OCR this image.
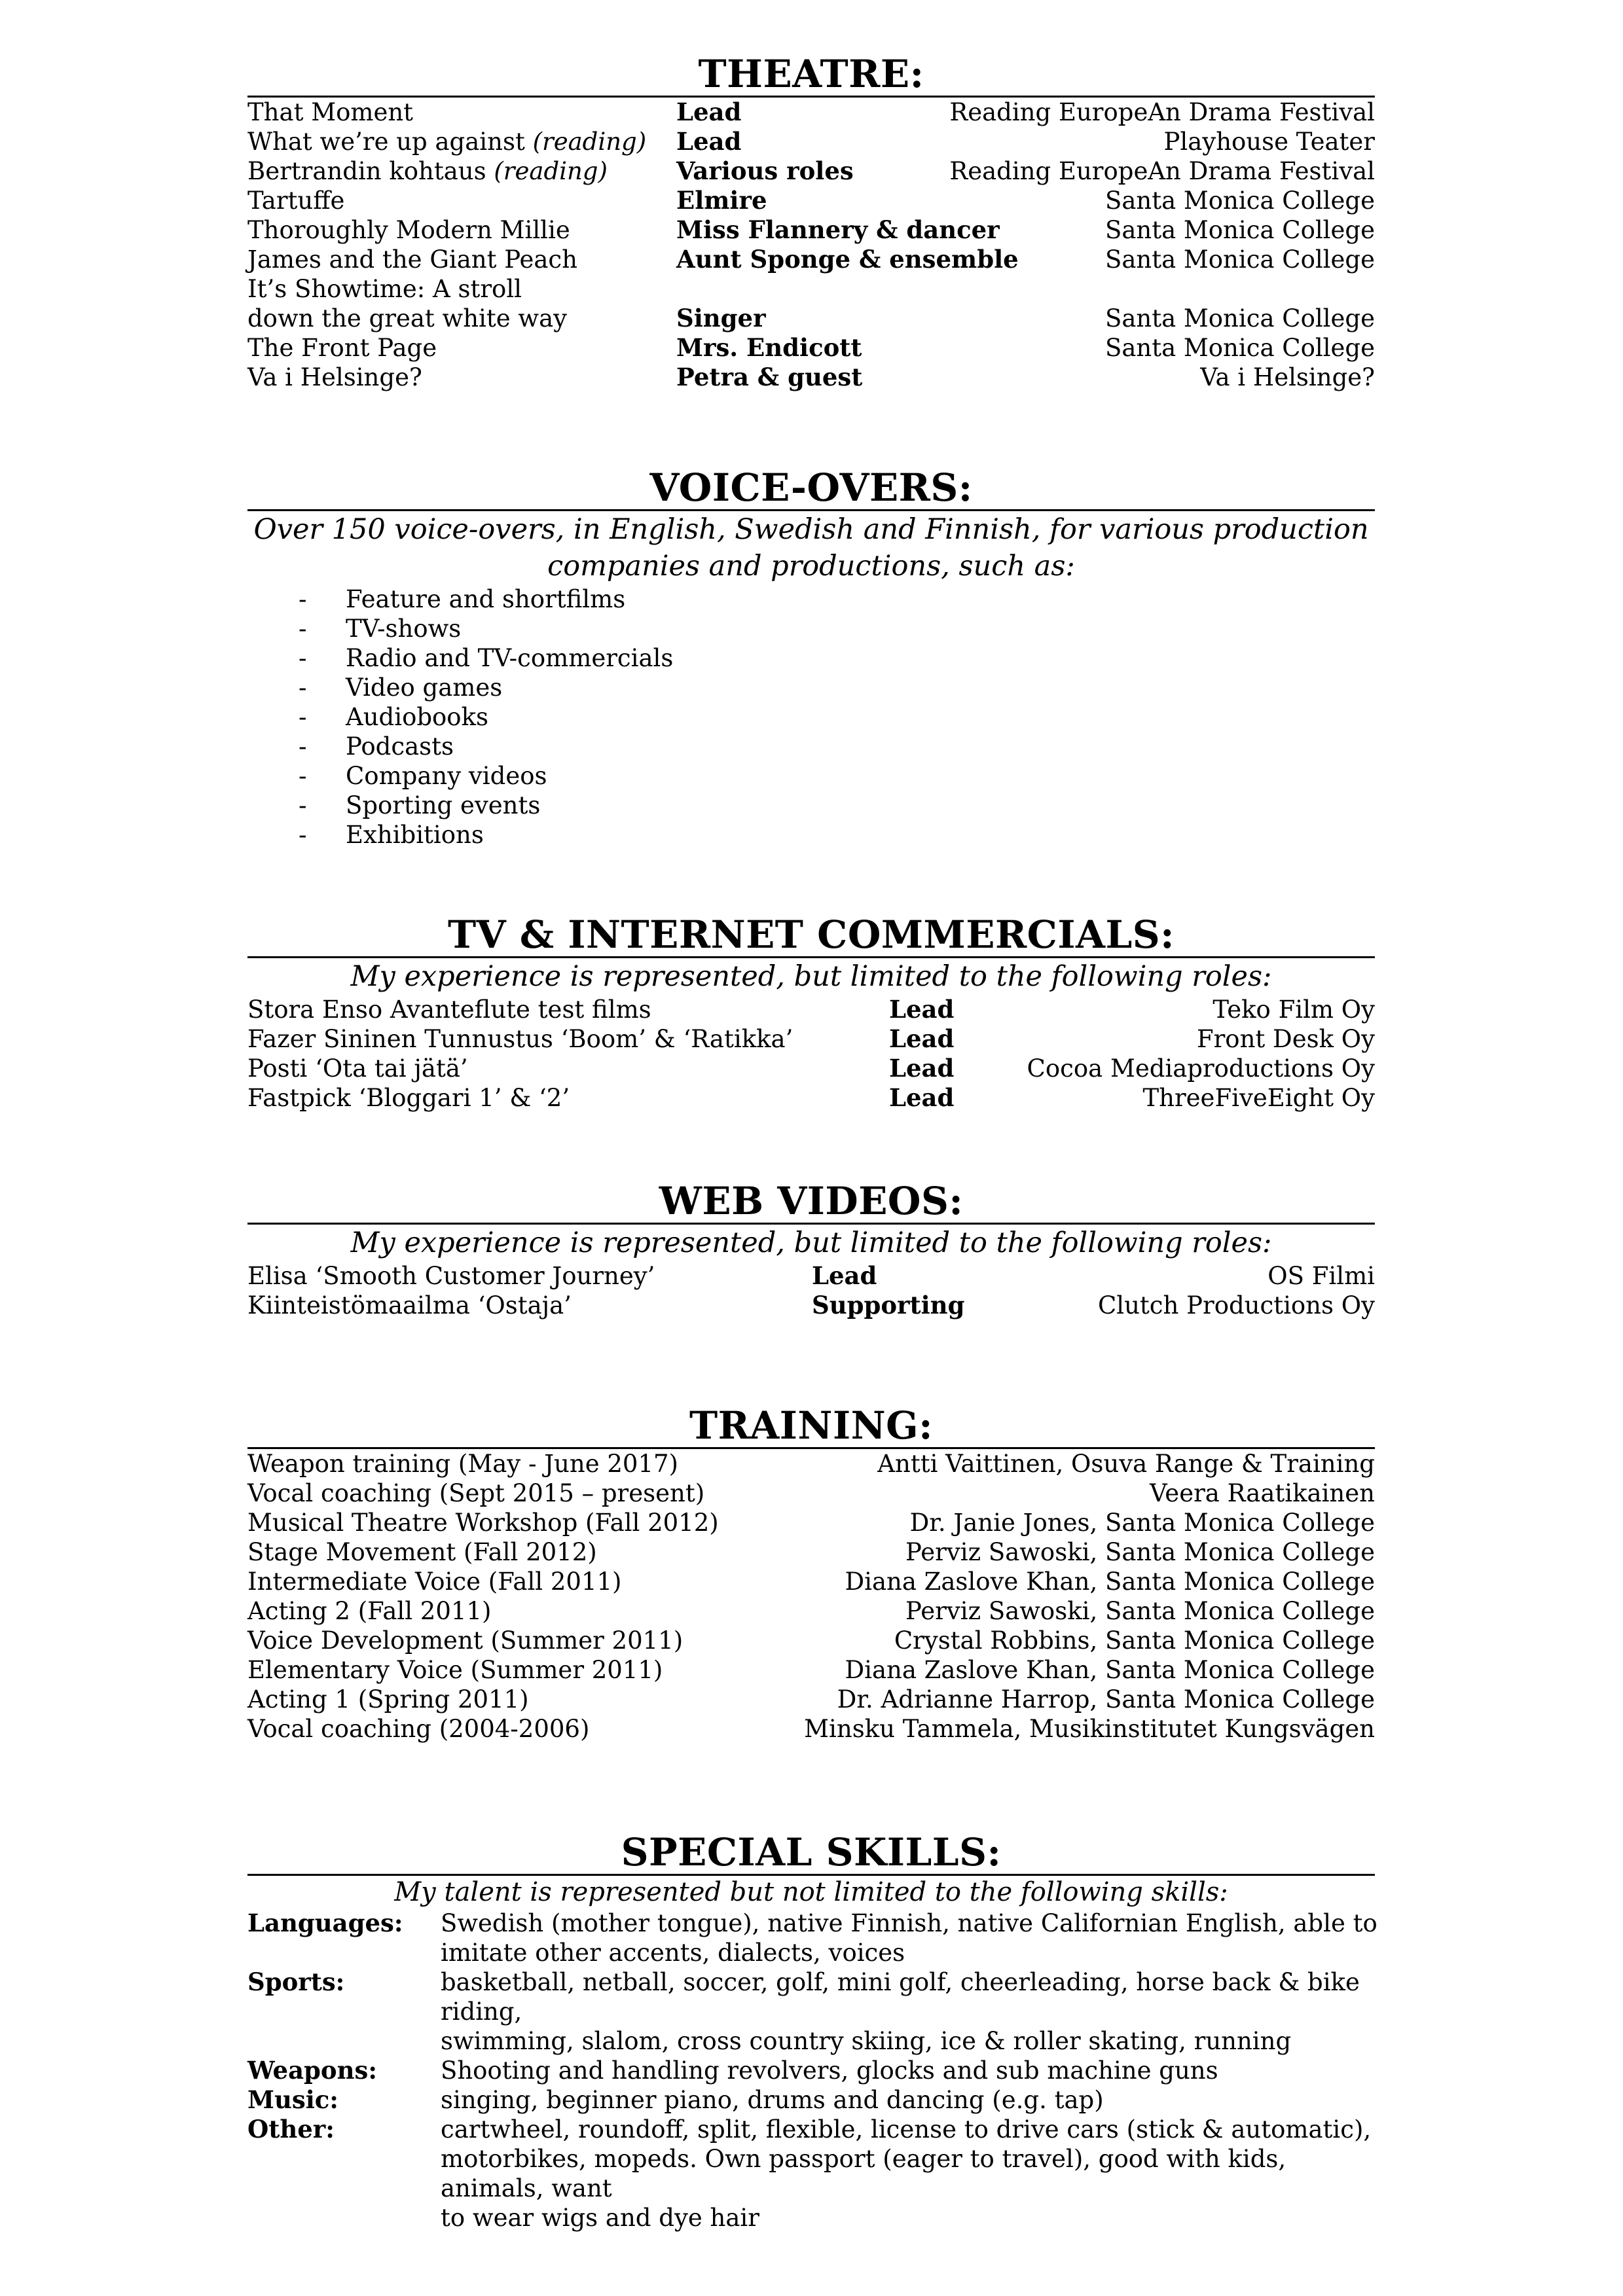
THEATRE:
That Moment	Lead	Reading EuropeAn Drama Festival
What we’re up against (reading) Lead	Playhouse Teater
Bertrandin kohtaus (reading)	Various roles	Reading EuropeAn Drama Festival
Tartuffe	Elmire	Santa Monica College
Thoroughly Modern Millie	Miss Flannery & dancer	Santa Monica College
James and the Giant Peach	Aunt Sponge & ensemble	Santa Monica College
It’s Showtime: A stroll
down the great white way	Singer	Santa Monica College
The Front Page	Mrs. Endicott	Santa Monica College
Va i Helsinge?	Petra & guest	Va i Helsinge?
VOICE-OVERS:
Over 150 voice-overs, in English, Swedish and Finnish, for various production
companies and productions, such as:
- Feature and shortfilms
- TV-shows
- Radio and TV-commercials
- Video games
- Audiobooks
- Podcasts
- Company videos
- Sporting events
- Exhibitions
TV & INTERNET COMMERCIALS:
My experience is represented, but limited to the following roles:
Stora Enso Avanteflute test films	Lead	Teko Film Oy
Fazer Sininen Tunnustus ‘Boom’ & ‘Ratikka’	Lead	Front Desk Oy
Posti ‘Ota tai jätä’	Lead	Cocoa Mediaproductions Oy
Fastpick ‘Bloggari 1’ & ‘2’	Lead	ThreeFiveEight Oy
WEB VIDEOS:
My experience is represented, but limited to the following roles:
Elisa ‘Smooth Customer Journey’	Lead	OS Filmi
Kiinteistömaailma ‘Ostaja’	Supporting	Clutch Productions Oy
TRAINING:
Weapon training (May - June 2017)	Antti Vaittinen, Osuva Range & Training
Vocal coaching (Sept 2015 – present)	Veera Raatikainen
Musical Theatre Workshop (Fall 2012)	Dr. Janie Jones, Santa Monica College
Stage Movement (Fall 2012)	Perviz Sawoski, Santa Monica College
Intermediate Voice (Fall 2011)	Diana Zaslove Khan, Santa Monica College
Acting 2 (Fall 2011)	Perviz Sawoski, Santa Monica College
Voice Development (Summer 2011)	Crystal Robbins, Santa Monica College
Elementary Voice (Summer 2011)	Diana Zaslove Khan, Santa Monica College
Acting 1 (Spring 2011)	Dr. Adrianne Harrop, Santa Monica College
Vocal coaching (2004-2006)	Minsku Tammela, Musikinstitutet Kungsvägen
SPECIAL SKILLS:
My talent is represented but not limited to the following skills:
Languages: Swedish (mother tongue), native Finnish, native Californian English, able to
imitate other accents, dialects, voices
Sports:	basketball, netball, soccer, golf, mini golf, cheerleading, horse back & bike riding,
swimming, slalom, cross country skiing, ice & roller skating, running
Weapons:	Shooting and handling revolvers, glocks and sub machine guns
Music:	singing, beginner piano, drums and dancing (e.g. tap)
Other:	cartwheel, roundoff, split, flexible, license to drive cars (stick & automatic),
motorbikes, mopeds. Own passport (eager to travel), good with kids, animals, want
to wear wigs and dye hair
